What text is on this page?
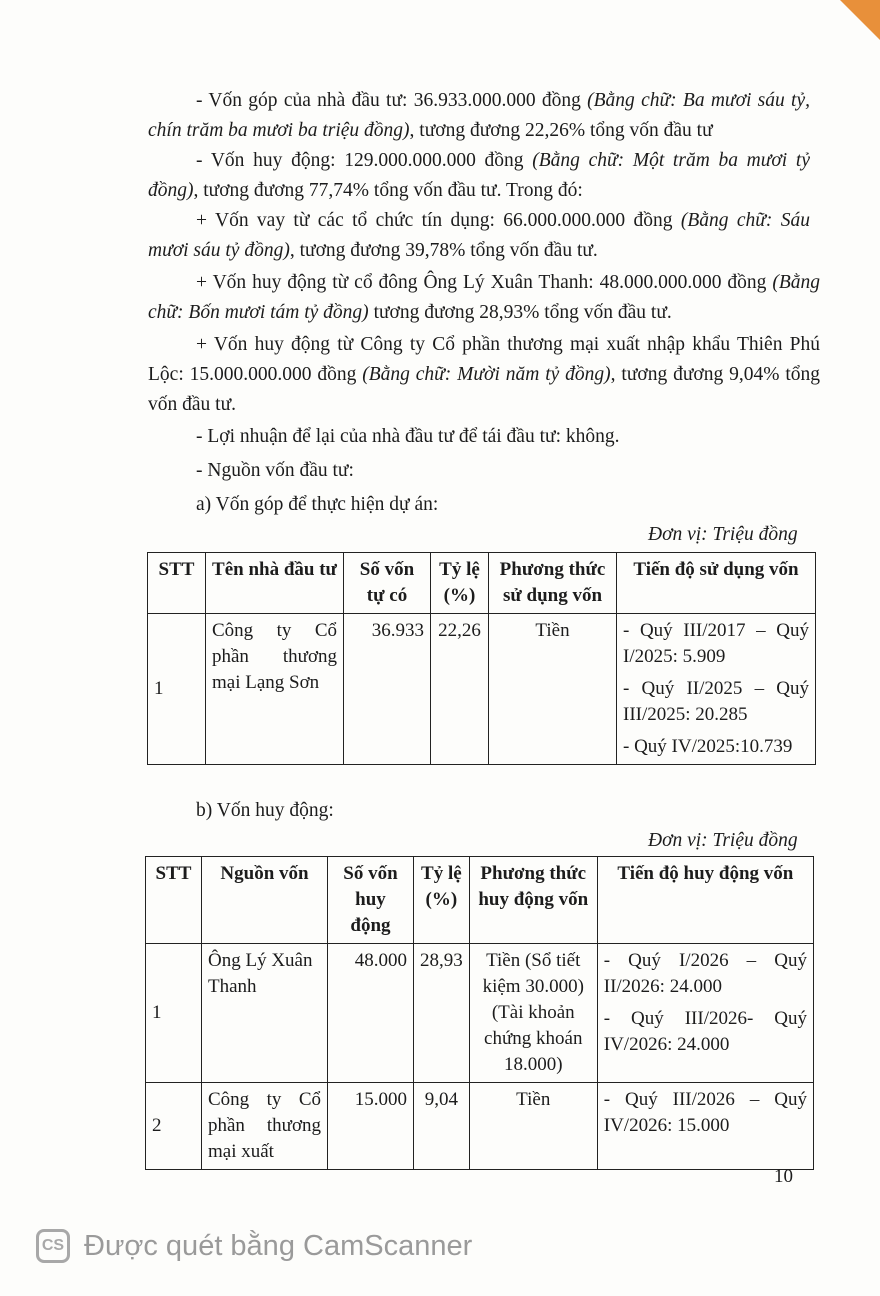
- Vốn góp của nhà đầu tư: 36.933.000.000 đồng (Bằng chữ: Ba mươi sáu tỷ, chín trăm ba mươi ba triệu đồng), tương đương 22,26% tổng vốn đầu tư
- Vốn huy động: 129.000.000.000 đồng (Bằng chữ: Một trăm ba mươi tỷ đồng), tương đương 77,74% tổng vốn đầu tư. Trong đó:
+ Vốn vay từ các tổ chức tín dụng: 66.000.000.000 đồng (Bằng chữ: Sáu mươi sáu tỷ đồng), tương đương 39,78% tổng vốn đầu tư.
+ Vốn huy động từ cổ đông Ông Lý Xuân Thanh: 48.000.000.000 đồng (Bằng chữ: Bốn mươi tám tỷ đồng) tương đương 28,93% tổng vốn đầu tư.
+ Vốn huy động từ Công ty Cổ phần thương mại xuất nhập khẩu Thiên Phú Lộc: 15.000.000.000 đồng (Bằng chữ: Mười năm tỷ đồng), tương đương 9,04% tổng vốn đầu tư.
- Lợi nhuận để lại của nhà đầu tư để tái đầu tư: không.
- Nguồn vốn đầu tư:
a) Vốn góp để thực hiện dự án:
Đơn vị: Triệu đồng
STT	Tên nhà đầu tư	Số vốn tự có	Tỷ lệ (%)	Phương thức sử dụng vốn	Tiến độ sử dụng vốn
1	Công ty Cổ phần thương mại Lạng Sơn	36.933	22,26	Tiền	- Quý III/2017 – Quý I/2025: 5.909
- Quý II/2025 – Quý III/2025: 20.285
- Quý IV/2025:10.739
b) Vốn huy động:
Đơn vị: Triệu đồng
STT	Nguồn vốn	Số vốn huy động	Tỷ lệ (%)	Phương thức huy động vốn	Tiến độ huy động vốn
1	Ông Lý Xuân Thanh	48.000	28,93	Tiền (Sổ tiết kiệm 30.000) (Tài khoản chứng khoán 18.000)	- Quý I/2026 – Quý II/2026: 24.000
- Quý III/2026- Quý IV/2026: 24.000

2	Công ty Cổ phần thương mại xuất	15.000	9,04	Tiền	- Quý III/2026 – Quý IV/2026: 15.000
10
CS Được quét bằng CamScanner
